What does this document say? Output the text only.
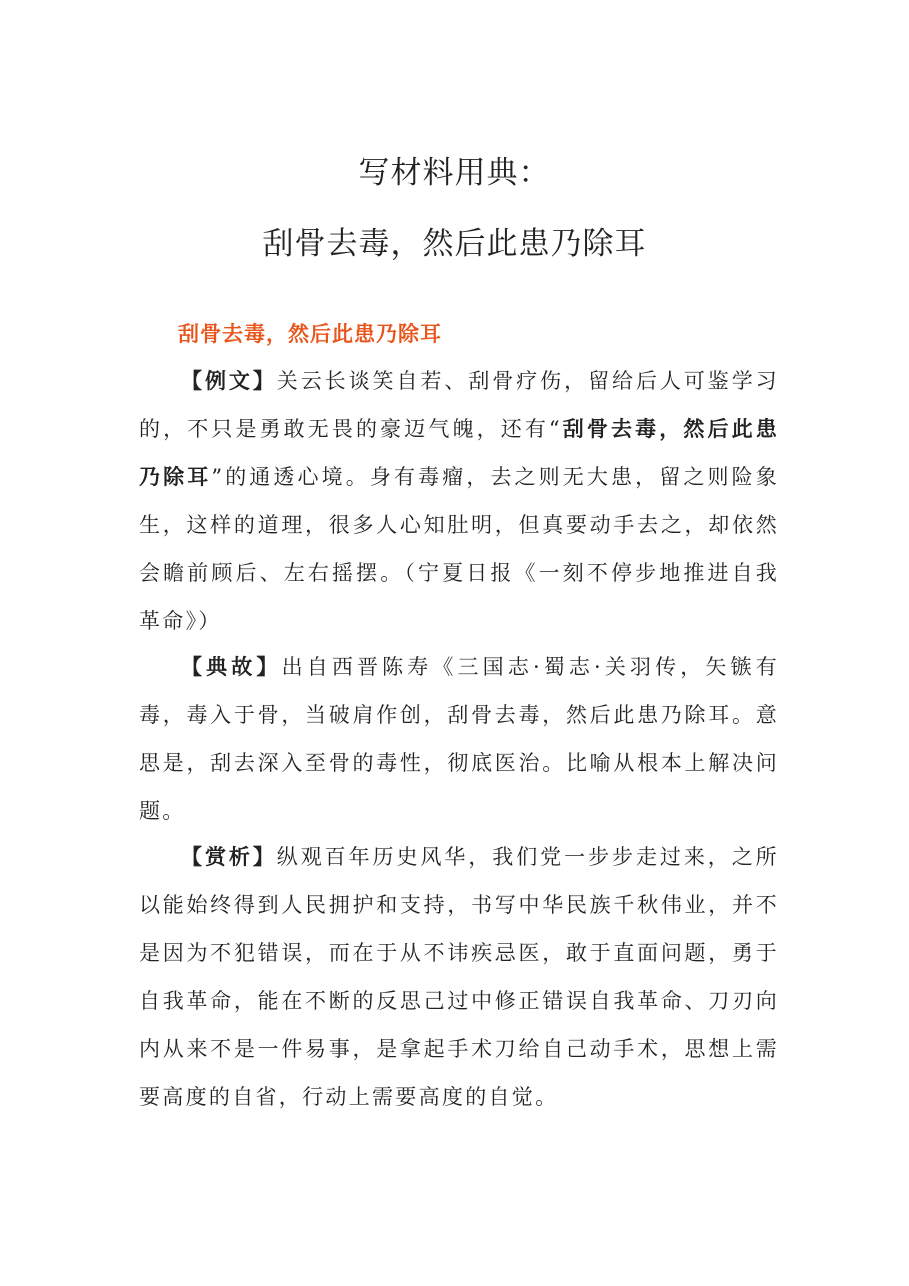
写材料用典：
刮骨去毒，然后此患乃除耳
刮骨去毒，然后此患乃除耳

【例文】关云长谈笑自若、刮骨疗伤，留给后人可鉴学习的，不只是勇敢无畏的豪迈气魄，还有“刮骨去毒，然后此患乃除耳”的通透心境。身有毒瘤，去之则无大患，留之则险象生，这样的道理，很多人心知肚明，但真要动手去之，却依然会瞻前顾后、左右摇摆。（宁夏日报《一刻不停步地推进自我革命》）

【典故】出自西晋陈寿《三国志·蜀志·关羽传，矢镞有毒，毒入于骨，当破肩作创，刮骨去毒，然后此患乃除耳。意思是，刮去深入至骨的毒性，彻底医治。比喻从根本上解决问题。

【赏析】纵观百年历史风华，我们党一步步走过来，之所以能始终得到人民拥护和支持，书写中华民族千秋伟业，并不是因为不犯错误，而在于从不讳疾忌医，敢于直面问题，勇于自我革命，能在不断的反思己过中修正错误自我革命、刀刃向内从来不是一件易事，是拿起手术刀给自己动手术，思想上需要高度的自省，行动上需要高度的自觉。
